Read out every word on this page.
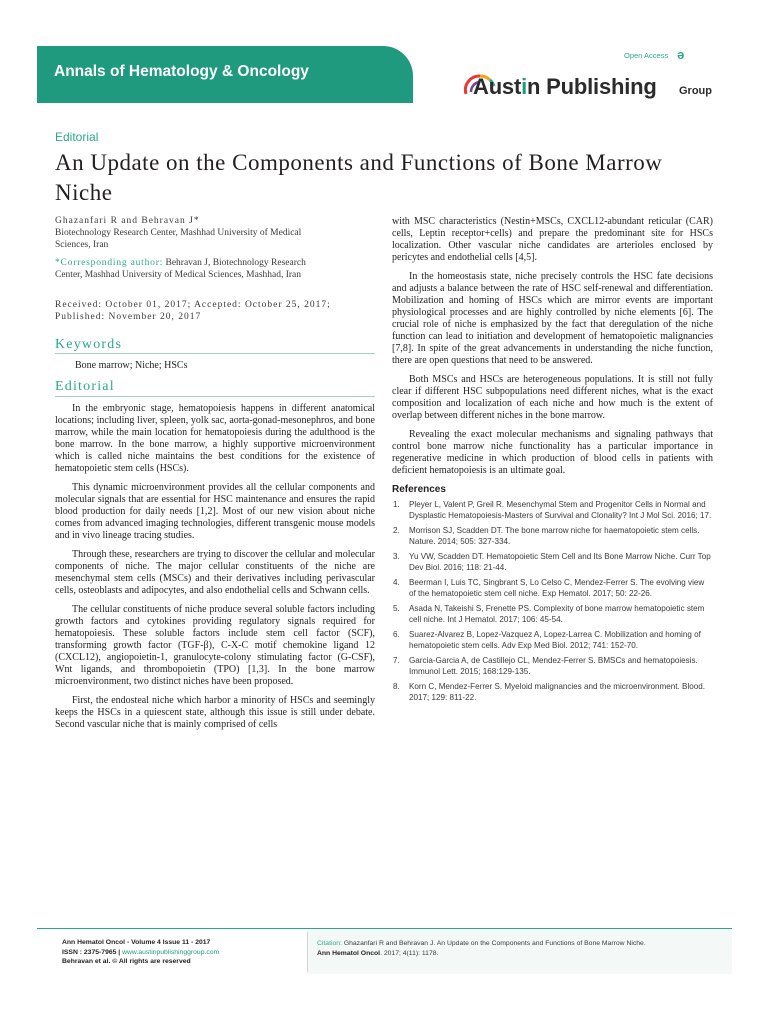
Annals of Hematology & Oncology
Open Access ə
Austin Publishing Group
Editorial
An Update on the Components and Functions of Bone Marrow Niche
Ghazanfari R and Behravan J*
Biotechnology Research Center, Mashhad University of Medical Sciences, Iran
*Corresponding author: Behravan J, Biotechnology Research Center, Mashhad University of Medical Sciences, Mashhad, Iran
Received: October 01, 2017; Accepted: October 25, 2017; Published: November 20, 2017
Keywords
Bone marrow; Niche; HSCs
Editorial

In the embryonic stage, hematopoiesis happens in different anatomical locations; including liver, spleen, yolk sac, aorta-gonad-mesonephros, and bone marrow, while the main location for hematopoiesis during the adulthood is the bone marrow. In the bone marrow, a highly supportive microenvironment which is called niche maintains the best conditions for the existence of hematopoietic stem cells (HSCs).

This dynamic microenvironment provides all the cellular components and molecular signals that are essential for HSC maintenance and ensures the rapid blood production for daily needs [1,2]. Most of our new vision about niche comes from advanced imaging technologies, different transgenic mouse models and in vivo lineage tracing studies.

Through these, researchers are trying to discover the cellular and molecular components of niche. The major cellular constituents of the niche are mesenchymal stem cells (MSCs) and their derivatives including perivascular cells, osteoblasts and adipocytes, and also endothelial cells and Schwann cells.

The cellular constituents of niche produce several soluble factors including growth factors and cytokines providing regulatory signals required for hematopoiesis. These soluble factors include stem cell factor (SCF), transforming growth factor (TGF-β), C-X-C motif chemokine ligand 12 (CXCL12), angiopoietin-1, granulocyte-colony stimulating factor (G-CSF), Wnt ligands, and thrombopoietin (TPO) [1,3]. In the bone marrow microenvironment, two distinct niches have been proposed.

First, the endosteal niche which harbor a minority of HSCs and seemingly keeps the HSCs in a quiescent state, although this issue is still under debate. Second vascular niche that is mainly comprised of cells

with MSC characteristics (Nestin+MSCs, CXCL12-abundant reticular (CAR) cells, Leptin receptor+cells) and prepare the predominant site for HSCs localization. Other vascular niche candidates are arterioles enclosed by pericytes and endothelial cells [4,5].

In the homeostasis state, niche precisely controls the HSC fate decisions and adjusts a balance between the rate of HSC self-renewal and differentiation. Mobilization and homing of HSCs which are mirror events are important physiological processes and are highly controlled by niche elements [6]. The crucial role of niche is emphasized by the fact that deregulation of the niche function can lead to initiation and development of hematopoietic malignancies [7,8]. In spite of the great advancements in understanding the niche function, there are open questions that need to be answered.

Both MSCs and HSCs are heterogeneous populations. It is still not fully clear if different HSC subpopulations need different niches, what is the exact composition and localization of each niche and how much is the extent of overlap between different niches in the bone marrow.

Revealing the exact molecular mechanisms and signaling pathways that control bone marrow niche functionality has a particular importance in regenerative medicine in which production of blood cells in patients with deficient hematopoiesis is an ultimate goal.

References
1.	Pleyer L, Valent P, Greil R. Mesenchymal Stem and Progenitor Cells in Normal and Dysplastic Hematopoiesis-Masters of Survival and Clonality? Int J Mol Sci. 2016; 17.
2.	Morrison SJ, Scadden DT. The bone marrow niche for haematopoietic stem cells. Nature. 2014; 505: 327-334.
3.	Yu VW, Scadden DT. Hematopoietic Stem Cell and Its Bone Marrow Niche. Curr Top Dev Biol. 2016; 118: 21-44.
4.	Beerman I, Luis TC, Singbrant S, Lo Celso C, Mendez-Ferrer S. The evolving view of the hematopoietic stem cell niche. Exp Hematol. 2017; 50: 22-26.
5.	Asada N, Takeishi S, Frenette PS. Complexity of bone marrow hematopoietic stem cell niche. Int J Hematol. 2017; 106: 45-54.
6.	Suarez-Alvarez B, Lopez-Vazquez A, Lopez-Larrea C. Mobilization and homing of hematopoietic stem cells. Adv Exp Med Biol. 2012; 741: 152-70.
7.	Garcia-Garcia A, de Castillejo CL, Mendez-Ferrer S. BMSCs and hematopoiesis. Immunol Lett. 2015; 168:129-135.
8.	Korn C, Mendez-Ferrer S. Myeloid malignancies and the microenvironment. Blood. 2017; 129: 811-22.
Ann Hematol Oncol - Volume 4 Issue 11 - 2017
ISSN : 2375-7965 | www.austinpublishinggroup.com
Behravan et al. © All rights are reserved
Citation: Ghazanfari R and Behravan J. An Update on the Components and Functions of Bone Marrow Niche.
Ann Hematol Oncol. 2017; 4(11): 1178.
